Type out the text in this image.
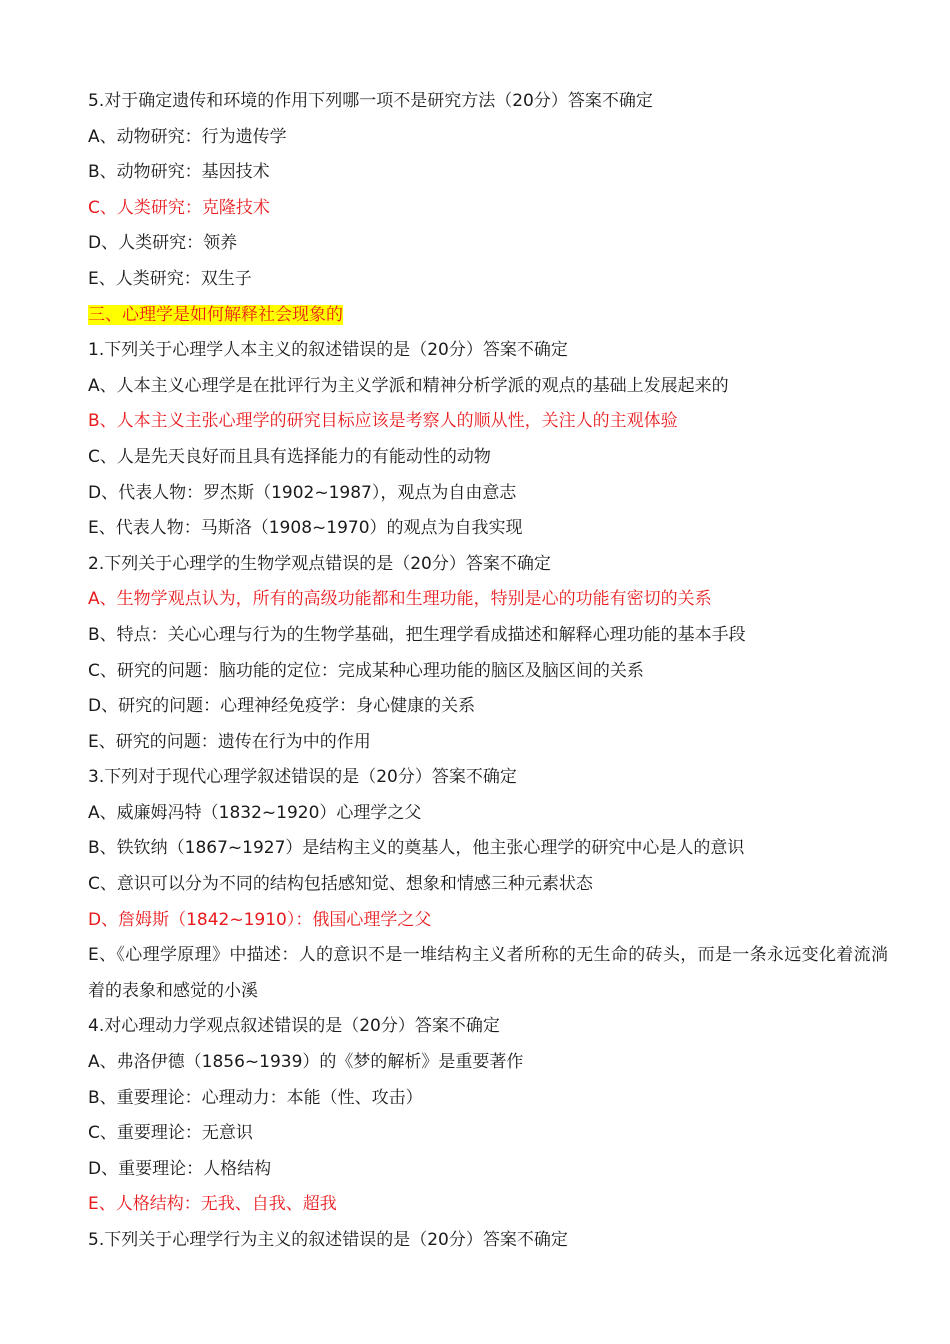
5.对于确定遗传和环境的作用下列哪一项不是研究方法（20分）答案不确定
A、动物研究：行为遗传学
B、动物研究：基因技术
C、人类研究：克隆技术
D、人类研究：领养
E、人类研究：双生子
三、心理学是如何解释社会现象的
1.下列关于心理学人本主义的叙述错误的是（20分）答案不确定
A、人本主义心理学是在批评行为主义学派和精神分析学派的观点的基础上发展起来的
B、人本主义主张心理学的研究目标应该是考察人的顺从性，关注人的主观体验
C、人是先天良好而且具有选择能力的有能动性的动物
D、代表人物：罗杰斯（1902~1987），观点为自由意志
E、代表人物：马斯洛（1908~1970）的观点为自我实现
2.下列关于心理学的生物学观点错误的是（20分）答案不确定
A、生物学观点认为，所有的高级功能都和生理功能，特别是心的功能有密切的关系
B、特点：关心心理与行为的生物学基础，把生理学看成描述和解释心理功能的基本手段
C、研究的问题：脑功能的定位：完成某种心理功能的脑区及脑区间的关系
D、研究的问题：心理神经免疫学：身心健康的关系
E、研究的问题：遗传在行为中的作用
3.下列对于现代心理学叙述错误的是（20分）答案不确定
A、威廉姆冯特（1832~1920）心理学之父
B、铁钦纳（1867~1927）是结构主义的奠基人，他主张心理学的研究中心是人的意识
C、意识可以分为不同的结构包括感知觉、想象和情感三种元素状态
D、詹姆斯（1842~1910）：俄国心理学之父
E、《心理学原理》中描述：人的意识不是一堆结构主义者所称的无生命的砖头，而是一条永远变化着流淌着的表象和感觉的小溪
4.对心理动力学观点叙述错误的是（20分）答案不确定
A、弗洛伊德（1856~1939）的《梦的解析》是重要著作
B、重要理论：心理动力：本能（性、攻击）
C、重要理论：无意识
D、重要理论：人格结构
E、人格结构：无我、自我、超我
5.下列关于心理学行为主义的叙述错误的是（20分）答案不确定
